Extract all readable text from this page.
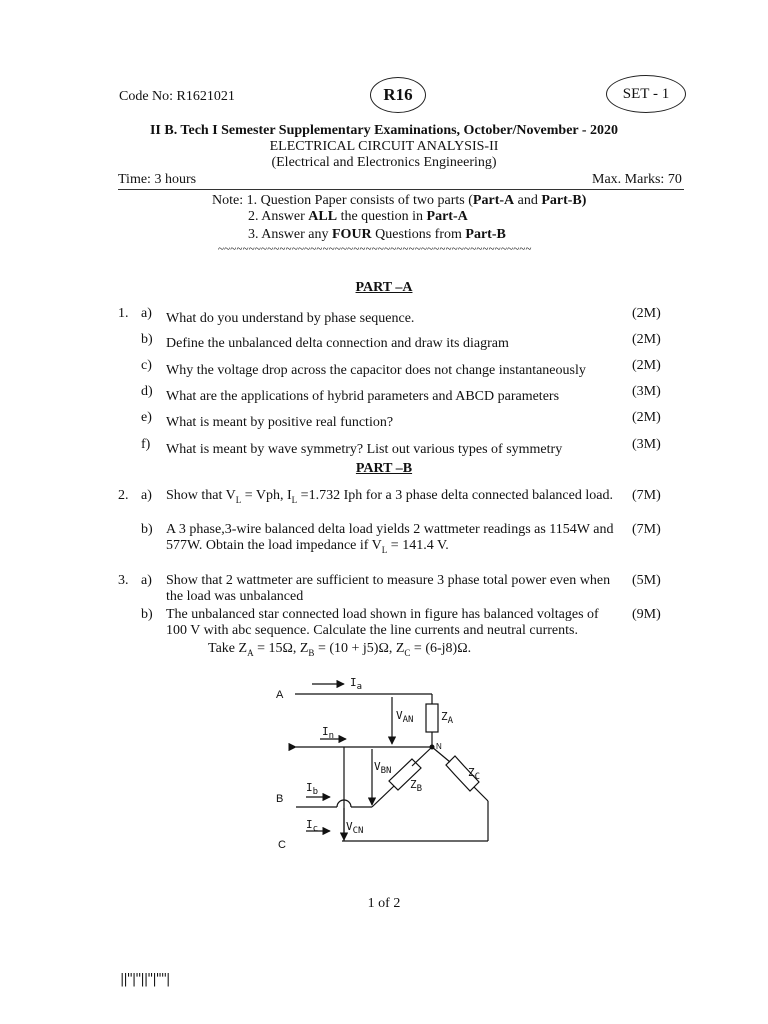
Code No: R1621021	R16	SET - 1
II B. Tech I Semester Supplementary Examinations, October/November - 2020
ELECTRICAL CIRCUIT ANALYSIS-II
(Electrical and Electronics Engineering)
Time: 3 hours	Max. Marks: 70
Note: 1. Question Paper consists of two parts (Part-A and Part-B)
2. Answer ALL the question in Part-A
3. Answer any FOUR Questions from Part-B
~~~~~~~~~~~~~~~~~~~~~~~~~~~~~~~~~~~~~~~~~~~~~~~~~~~
PART –A
1. a) What do you understand by phase sequence.	(2M)
b) Define the unbalanced delta connection and draw its diagram	(2M)
c) Why the voltage drop across the capacitor does not change instantaneously	(2M)
d) What are the applications of hybrid parameters and ABCD parameters	(3M)
e) What is meant by positive real function?	(2M)
f) What is meant by wave symmetry? List out various types of symmetry	(3M)
PART –B
2. a) Show that $V_L$ = Vph, $I_L =1.732$ Iph for a 3 phase delta connected balanced load.	(7M)
b) A 3 phase,3-wire balanced delta load yields 2 wattmeter readings as 1154W and 577W. Obtain the load impedance if $V_L = 141.4$ V.
(7M)
3. a) Show that 2 wattmeter are sufficient to measure 3 phase total power even when the load was unbalanced
(5M)
b) The unbalanced star connected load shown in figure has balanced voltages of 100 V with abc sequence. Calculate the line currents and neutral currents.
(9M)
Take $Z_A = 15\Omega$, $Z_B = (10 + j5)\Omega$, $Z_C = (6-j8)\Omega$.
A
B
C
$I_a$
$I_n$
$I_b$
$I_c$
$V_{AN}$
$V_{BN}$
$V_{CN}$
$Z_A$
$Z_B$
$Z_C$
N
1 of 2
||''|''||''|''''|
